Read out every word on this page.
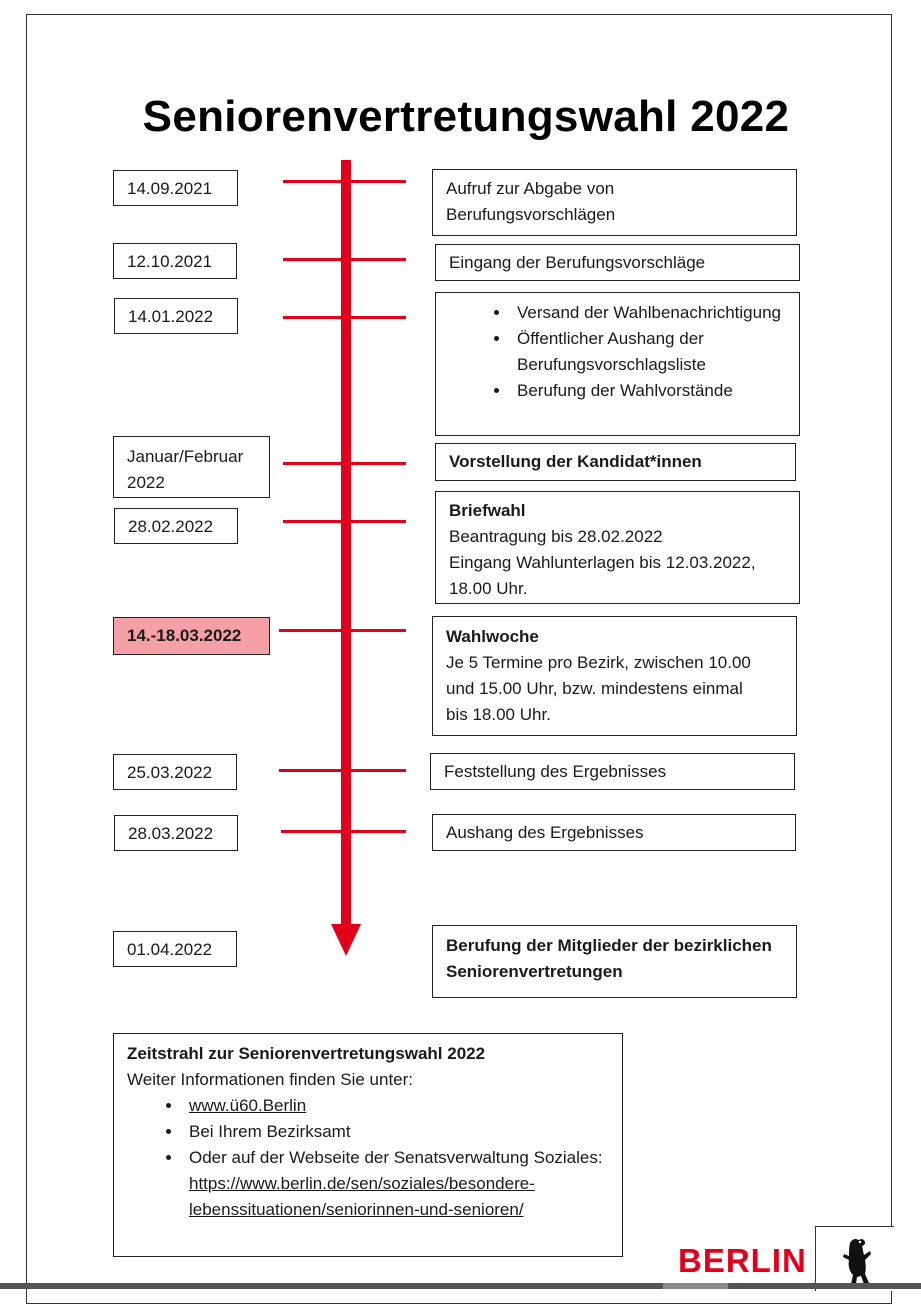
Seniorenvertretungswahl 2022
14.09.2021	Aufruf zur Abgabe von
Berufungsvorschlägen
12.10.2021	Eingang der Berufungsvorschläge
14.01.2022
•	Versand der Wahlbenachrichtigung
• Öffentlicher Aushang der Berufungsvorschlagsliste
• Berufung der Wahlvorstände
Januar/Februar
2022
Vorstellung der Kandidat*innen
28.02.2022
Briefwahl
Beantragung bis 28.02.2022
Eingang Wahlunterlagen bis 12.03.2022,
18.00 Uhr.
14.-18.03.2022	Wahlwoche
Je 5 Termine pro Bezirk, zwischen 10.00
und 15.00 Uhr, bzw. mindestens einmal
bis 18.00 Uhr.
25.03.2022	Feststellung des Ergebnisses
28.03.2022	Aushang des Ergebnisses
01.04.2022	Berufung der Mitglieder der bezirklichen
Seniorenvertretungen
Zeitstrahl zur Seniorenvertretungswahl 2022
Weiter Informationen finden Sie unter:
• www.ü60.Berlin
• Bei Ihrem Bezirksamt
• Oder auf der Webseite der Senatsverwaltung Soziales:
https://www.berlin.de/sen/soziales/besondere-
lebenssituationen/seniorinnen-und-senioren/
BERLIN
